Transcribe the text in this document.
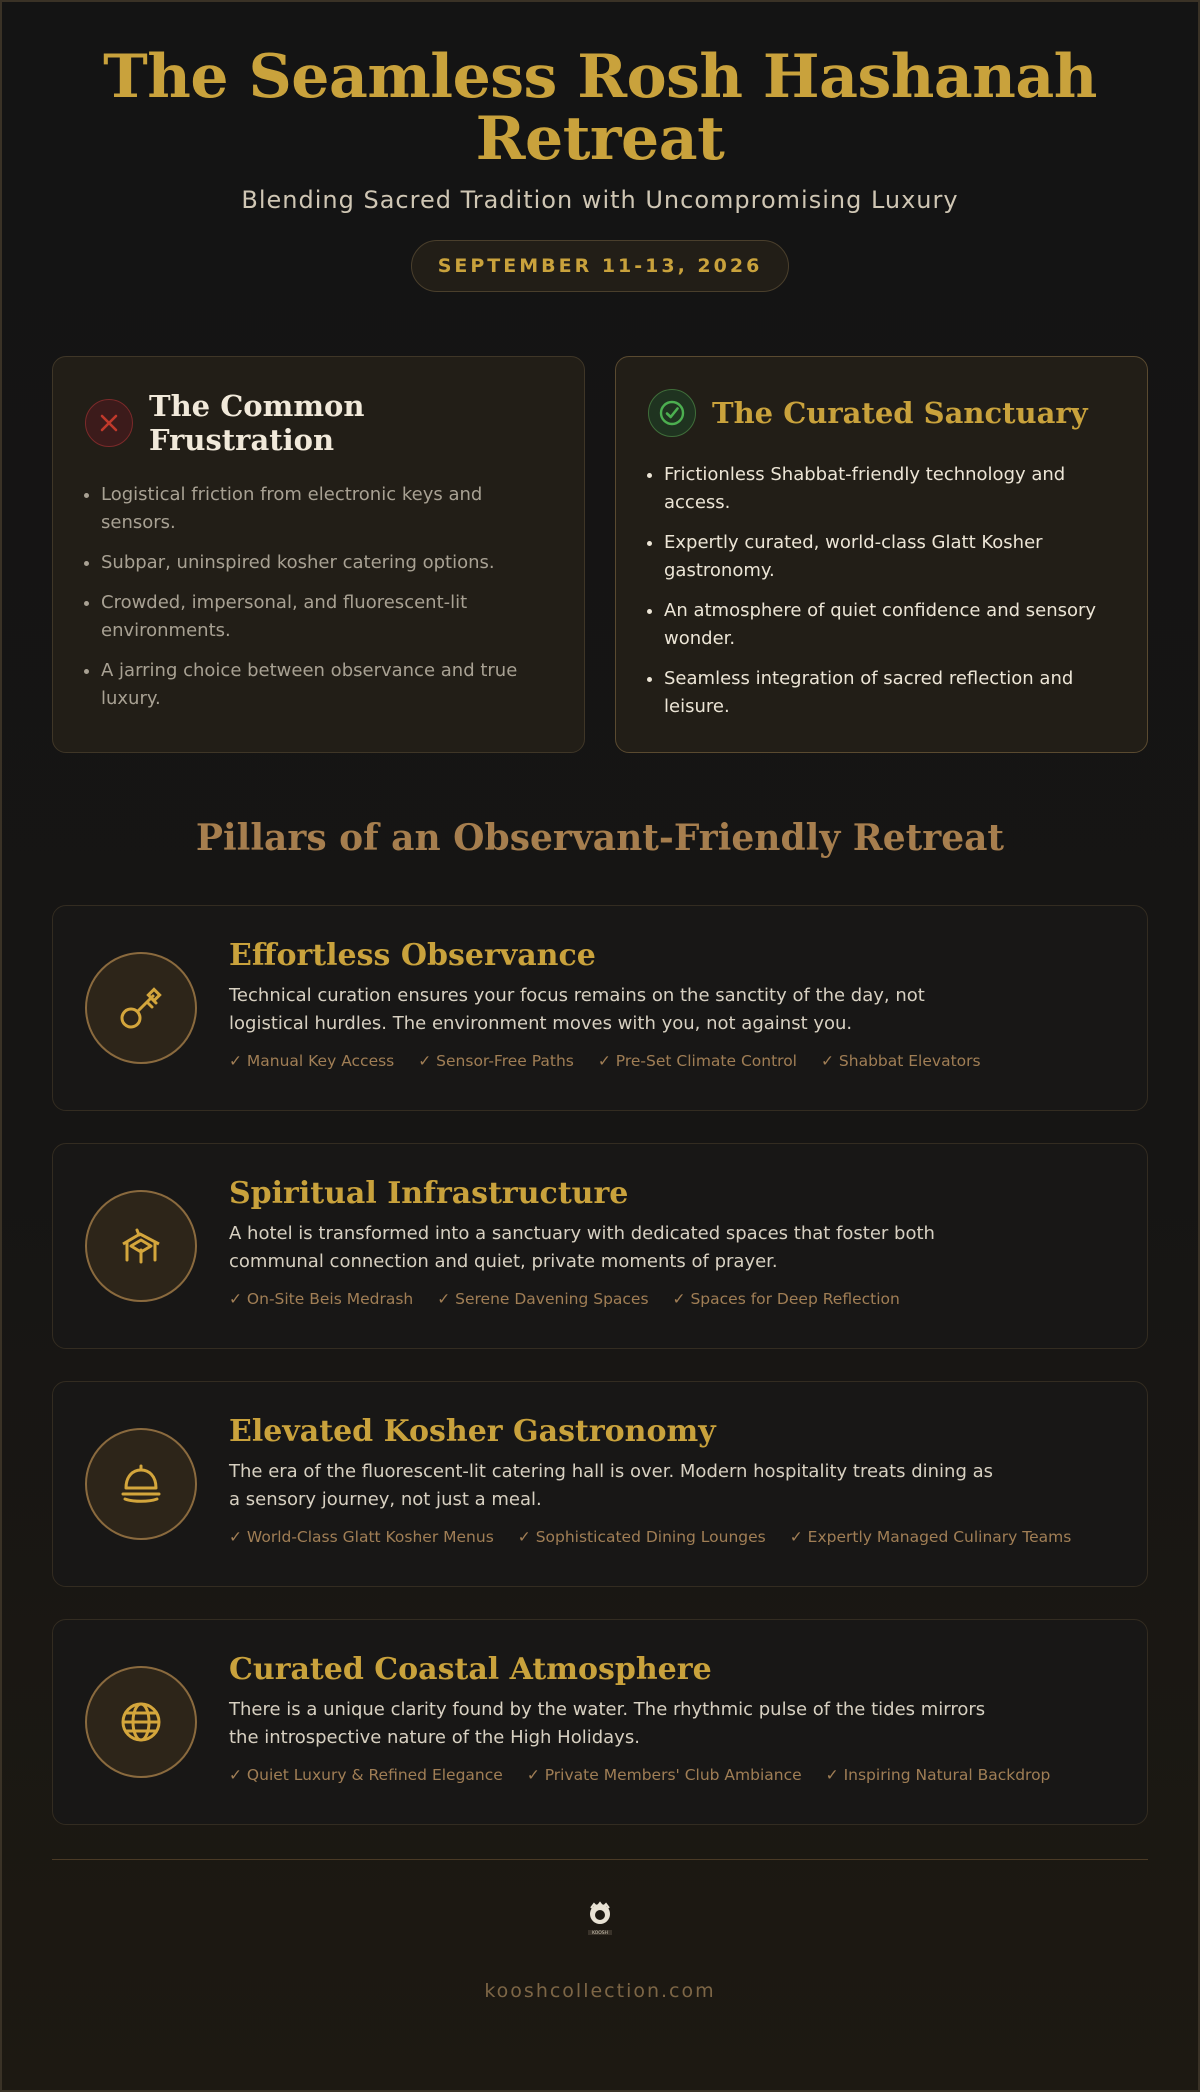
The Seamless Rosh Hashanah Retreat
Blending Sacred Tradition with Uncompromising Luxury
SEPTEMBER 11-13, 2026
The Common Frustration
• Logistical friction from electronic keys and sensors.
• Subpar, uninspired kosher catering options.
• Crowded, impersonal, and fluorescent-lit environments.
• A jarring choice between observance and true luxury.
The Curated Sanctuary
• Frictionless Shabbat-friendly technology and access.
• Expertly curated, world-class Glatt Kosher gastronomy.
• An atmosphere of quiet confidence and sensory wonder.
• Seamless integration of sacred reflection and leisure.
Pillars of an Observant-Friendly Retreat
Effortless Observance
Technical curation ensures your focus remains on the sanctity of the day, not logistical hurdles. The environment moves with you, not against you.
✓ Manual Key Access ✓ Sensor-Free Paths ✓ Pre-Set Climate Control ✓ Shabbat Elevators
Spiritual Infrastructure
A hotel is transformed into a sanctuary with dedicated spaces that foster both communal connection and quiet, private moments of prayer.
✓ On-Site Beis Medrash ✓ Serene Davening Spaces ✓ Spaces for Deep Reflection
Elevated Kosher Gastronomy
The era of the fluorescent-lit catering hall is over. Modern hospitality treats dining as a sensory journey, not just a meal.
✓ World-Class Glatt Kosher Menus ✓ Sophisticated Dining Lounges ✓ Expertly Managed Culinary Teams
Curated Coastal Atmosphere
There is a unique clarity found by the water. The rhythmic pulse of the tides mirrors the introspective nature of the High Holidays.
✓ Quiet Luxury & Refined Elegance ✓ Private Members' Club Ambiance ✓ Inspiring Natural Backdrop
KOOSH
kooshcollection.com
